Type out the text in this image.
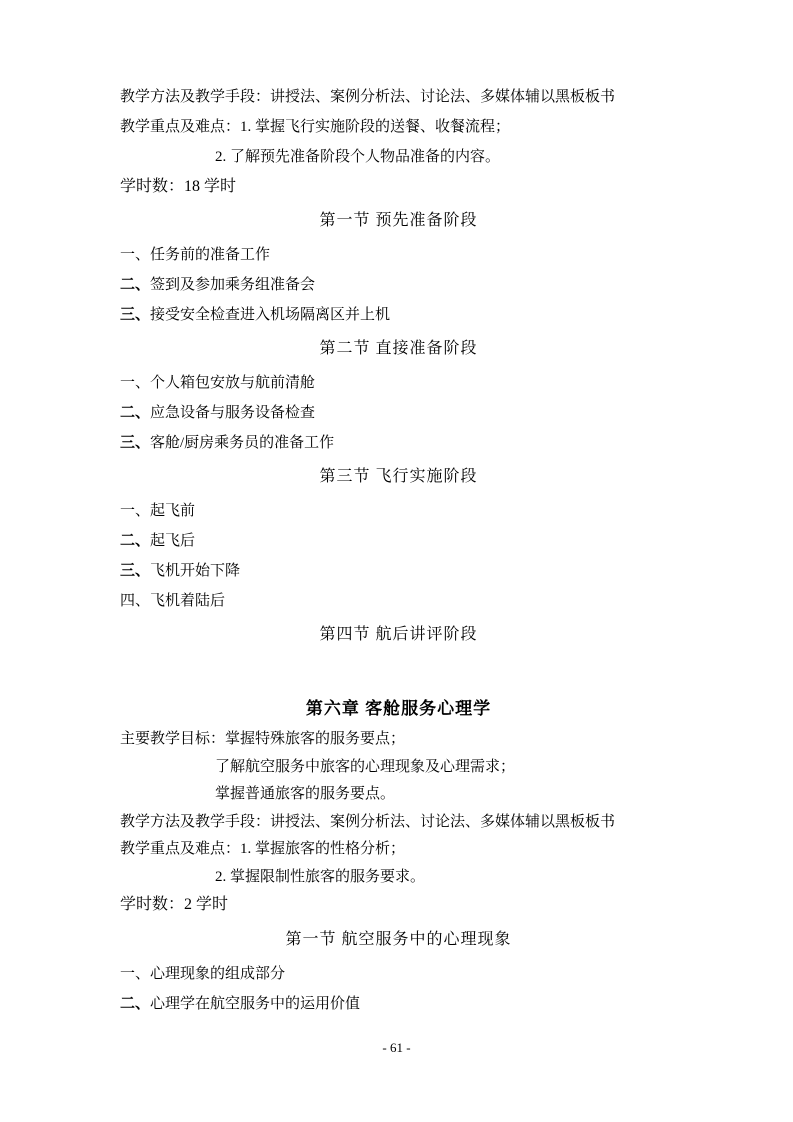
教学方法及教学手段：讲授法、案例分析法、讨论法、多媒体辅以黑板板书

教学重点及难点：1. 掌握飞行实施阶段的送餐、收餐流程；

2. 了解预先准备阶段个人物品准备的内容。

学时数：18 学时

第一节 预先准备阶段

一、任务前的准备工作

二、签到及参加乘务组准备会

三、接受安全检查进入机场隔离区并上机

第二节 直接准备阶段

一、个人箱包安放与航前清舱

二、应急设备与服务设备检查

三、客舱/厨房乘务员的准备工作

第三节 飞行实施阶段

一、起飞前

二、起飞后

三、飞机开始下降

四、飞机着陆后

第四节 航后讲评阶段
第六章 客舱服务心理学

主要教学目标：掌握特殊旅客的服务要点；

了解航空服务中旅客的心理现象及心理需求；

掌握普通旅客的服务要点。

教学方法及教学手段：讲授法、案例分析法、讨论法、多媒体辅以黑板板书

教学重点及难点：1. 掌握旅客的性格分析；

2. 掌握限制性旅客的服务要求。

学时数：2 学时

第一节 航空服务中的心理现象

一、心理现象的组成部分

二、心理学在航空服务中的运用价值

- 61 -
